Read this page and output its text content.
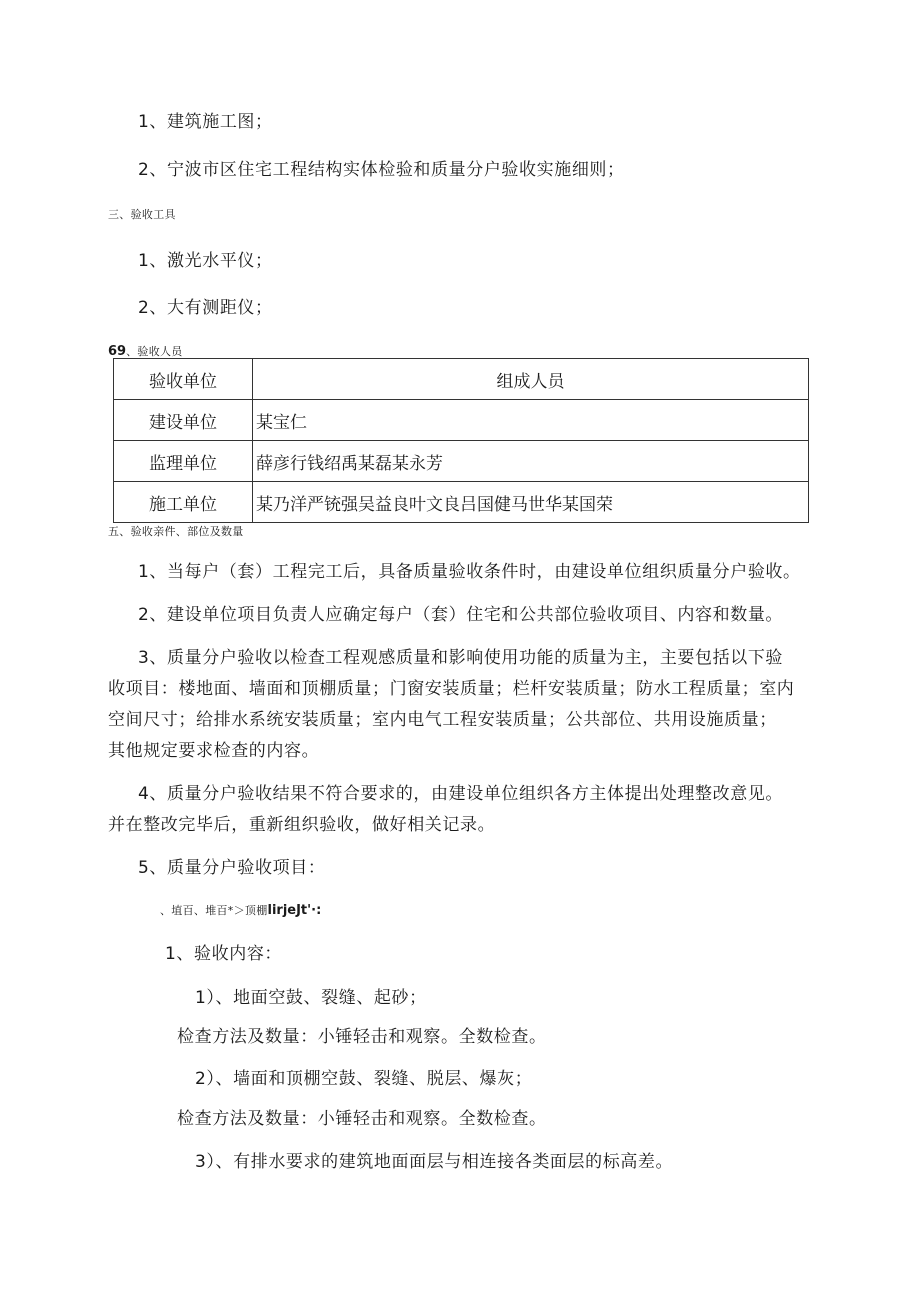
1、建筑施工图；
2、宁波市区住宅工程结构实体检验和质量分户验收实施细则；
三、验收工具
1、激光水平仪；
2、大有测距仪；
69、验收人员
验收单位	组成人员
建设单位	某宝仁
监理单位	薛彦行钱绍禹某磊某永芳
施工单位	某乃洋严铳强吴益良叶文良吕国健马世华某国荣
五、验收亲件、部位及数量
1、当每户（套）工程完工后，具备质量验收条件时，由建设单位组织质量分户验收。
2、建设单位项目负责人应确定每户（套）住宅和公共部位验收项目、内容和数量。
3、质量分户验收以检查工程观感质量和影响使用功能的质量为主，主要包括以下验
收项目：楼地面、墙面和顶棚质量；门窗安装质量；栏杆安装质量；防水工程质量；室内
空间尺寸；给排水系统安装质量；室内电气工程安装质量；公共部位、共用设施质量；
其他规定要求检查的内容。
4、质量分户验收结果不符合要求的，由建设单位组织各方主体提出处理整改意见。
并在整改完毕后，重新组织验收，做好相关记录。
5、质量分户验收项目：
、埴百、堆百*＞顶棚lirjeJt'·:
1、验收内容：
1）、地面空鼓、裂缝、起砂；
检查方法及数量：小锤轻击和观察。全数检查。
2）、墙面和顶棚空鼓、裂缝、脱层、爆灰；
检查方法及数量：小锤轻击和观察。全数检查。
3）、有排水要求的建筑地面面层与相连接各类面层的标高差。
